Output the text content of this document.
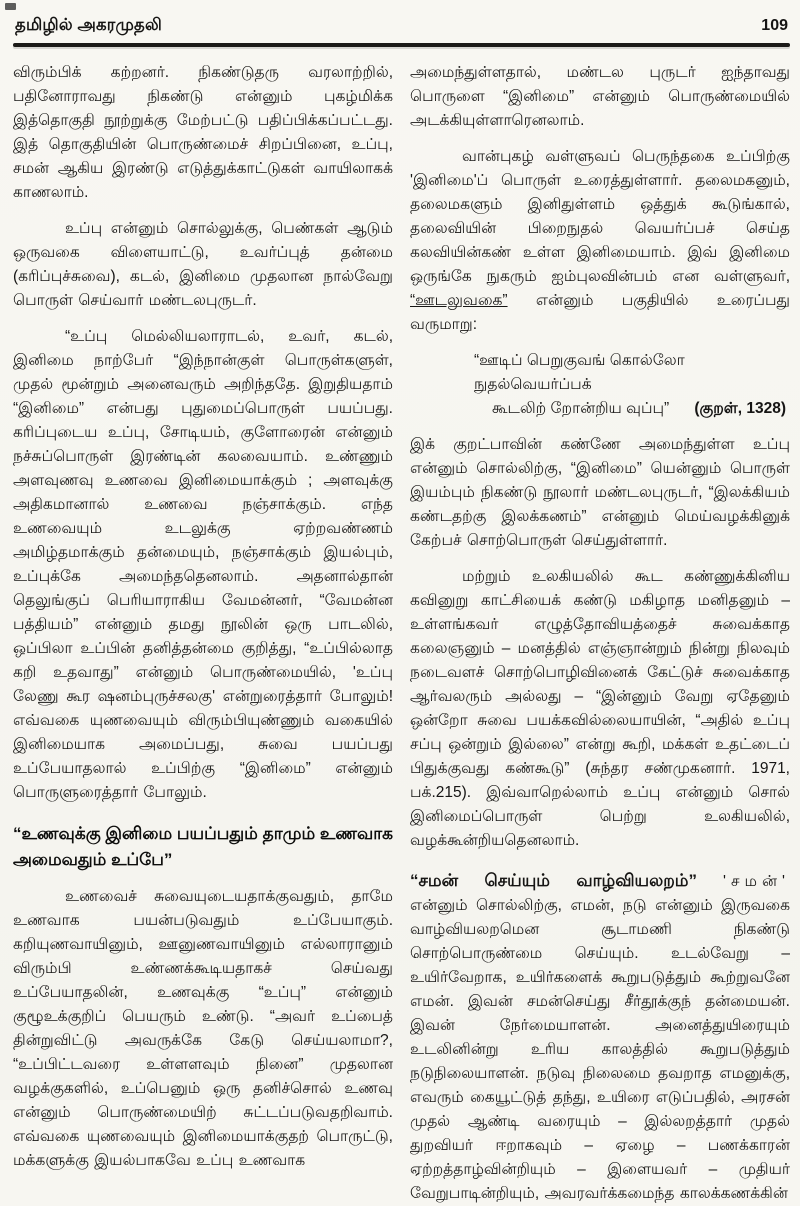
தமிழில் அகரமுதலி	109

விரும்பிக் கற்றனர். நிகண்டுதரு வரலாற்றில், பதினோராவது நிகண்டு என்னும் புகழ்மிக்க இத்தொகுதி நூற்றுக்கு மேற்பட்டு பதிப்பிக்கப்பட்டது. இத் தொகுதியின் பொருண்மைச் சிறப்பினை, உப்பு, சமன் ஆகிய இரண்டு எடுத்துக்காட்டுகள் வாயிலாகக் காணலாம்.

உப்பு என்னும் சொல்லுக்கு, பெண்கள் ஆடும் ஒருவகை விளையாட்டு, உவர்ப்புத் தன்மை (கரிப்புச்சுவை), கடல், இனிமை முதலான நால்வேறு பொருள் செய்வார் மண்டலபுருடர்.

“உப்பு மெல்லியலாராடல், உவர், கடல், இனிமை நாற்பேர் “இந்நான்குள் பொருள்களுள், முதல் மூன்றும் அனைவரும் அறிந்ததே. இறுதியதாம் “இனிமை” என்பது புதுமைப்பொருள் பயப்பது. கரிப்புடைய உப்பு, சோடியம், குளோரைன் என்னும் நச்சுப்பொருள் இரண்டின் கலவையாம். உண்ணும் அளவுணவு உணவை இனிமையாக்கும் ; அளவுக்கு அதிகமானால் உணவை நஞ்சாக்கும். எந்த உணவையும் உடலுக்கு ஏற்றவண்ணம் அமிழ்தமாக்கும் தன்மையும், நஞ்சாக்கும் இயல்பும், உப்புக்கே அமைந்ததெனலாம். அதனால்தான் தெலுங்குப் பெரியாராகிய வேமன்னர், “வேமன்ன பத்தியம்” என்னும் தமது நூலின் ஒரு பாடலில், ஒப்பிலா உப்பின் தனித்தன்மை குறித்து, “உப்பில்லாத கறி உதவாது” என்னும் பொருண்மையில், 'உப்பு லேணு கூர ஷனம்புருச்சலகு' என்றுரைத்தார் போலும்! எவ்வகை யுணவையும் விரும்பியுண்ணும் வகையில் இனிமையாக அமைப்பது, சுவை பயப்பது உப்பேயாதலால் உப்பிற்கு “இனிமை” என்னும் பொருளுரைத்தார் போலும்.

“உணவுக்கு இனிமை பயப்பதும் தாமும் உணவாக அமைவதும் உப்பே”

உணவைச் சுவையுடையதாக்குவதும், தாமே உணவாக பயன்படுவதும் உப்பேயாகும். கறியுணவாயினும், ஊனுணவாயினும் எல்லாரானும் விரும்பி உண்ணக்கூடியதாகச் செய்வது உப்பேயாதலின், உணவுக்கு “உப்பு” என்னும் குழூஉக்குறிப் பெயரும் உண்டு. “அவர் உப்பைத் தின்றுவிட்டு அவருக்கே கேடு செய்யலாமா?, “உப்பிட்டவரை உள்ளளவும் நினை” முதலான வழக்குகளில், உப்பெனும் ஒரு தனிச்சொல் உணவு என்னும் பொருண்மையிற் சுட்டப்படுவதறிவாம். எவ்வகை யுணவையும் இனிமையாக்குதற் பொருட்டு, மக்களுக்கு இயல்பாகவே உப்பு உணவாக

அமைந்துள்ளதால், மண்டல புருடர் ஐந்தாவது பொருளை “இனிமை” என்னும் பொருண்மையில் அடக்கியுள்ளாரெனலாம்.

வான்புகழ் வள்ளுவப் பெருந்தகை உப்பிற்கு 'இனிமை'ப் பொருள் உரைத்துள்ளார். தலைமகனும், தலைமகளும் இனிதுள்ளம் ஒத்துக் கூடுங்கால், தலைவியின் பிறைநுதல் வெயர்ப்பச் செய்த கலவியின்கண் உள்ள இனிமையாம். இவ் இனிமை ஒருங்கே நுகரும் ஐம்புலவின்பம் என வள்ளுவர், “ஊடலுவகை” என்னும் பகுதியில் உரைப்பது வருமாறு:

“ஊடிப் பெறுகுவங் கொல்லோ நுதல்வெயர்ப்பக்
கூடலிற் றோன்றிய வுப்பு” (குறள், 1328)

இக் குறட்பாவின் கண்ணே அமைந்துள்ள உப்பு என்னும் சொல்லிற்கு, “இனிமை” யென்னும் பொருள் இயம்பும் நிகண்டு நூலார் மண்டலபுருடர், “இலக்கியம் கண்டதற்கு இலக்கணம்” என்னும் மெய்வழக்கினுக் கேற்பச் சொற்பொருள் செய்துள்ளார்.

மற்றும் உலகியலில் கூட கண்ணுக்கினிய கவினுறு காட்சியைக் கண்டு மகிழாத மனிதனும் – உள்ளங்கவர் எழுத்தோவியத்தைச் சுவைக்காத கலைஞனும் – மனத்தில் எஞ்ஞான்றும் நின்று நிலவும் நடைவளச் சொற்பொழிவினைக் கேட்டுச் சுவைக்காத ஆர்வலரும் அல்லது – “இன்னும் வேறு ஏதேனும் ஒன்றோ சுவை பயக்கவில்லையாயின், “அதில் உப்பு சப்பு ஒன்றும் இல்லை” என்று கூறி, மக்கள் உதட்டைப் பிதுக்குவது கண்கூடு” (சுந்தர சண்முகனார். 1971, பக்.215). இவ்வாறெல்லாம் உப்பு என்னும் சொல் இனிமைப்பொருள் பெற்று உலகியலில், வழக்கூன்றியதெனலாம்.

“சமன் செய்யும் வாழ்வியலறம்” 'சமன்' என்னும் சொல்லிற்கு, எமன், நடு என்னும் இருவகை வாழ்வியலறமென சூடாமணி நிகண்டு சொற்பொருண்மை செய்யும். உடல்வேறு – உயிர்வேறாக, உயிர்களைக் கூறுபடுத்தும் கூற்றுவனே எமன். இவன் சமன்செய்து சீர்தூக்குந் தன்மையன். இவன் நேர்மையாளன். அனைத்துயிரையும் உடலினின்று உரிய காலத்தில் கூறுபடுத்தும் நடுநிலையாளன். நடுவு நிலைமை தவறாத எமனுக்கு, எவரும் கையூட்டுத் தந்து, உயிரை எடுப்பதில், அரசன் முதல் ஆண்டி வரையும் – இல்லறத்தார் முதல் துறவியர் ஈறாகவும் – ஏழை – பணக்காரன் ஏற்றத்தாழ்வின்றியும் – இளையவர் – முதியர் வேறுபாடின்றியும், அவரவர்க்கமைந்த காலக்கணக்கின்
